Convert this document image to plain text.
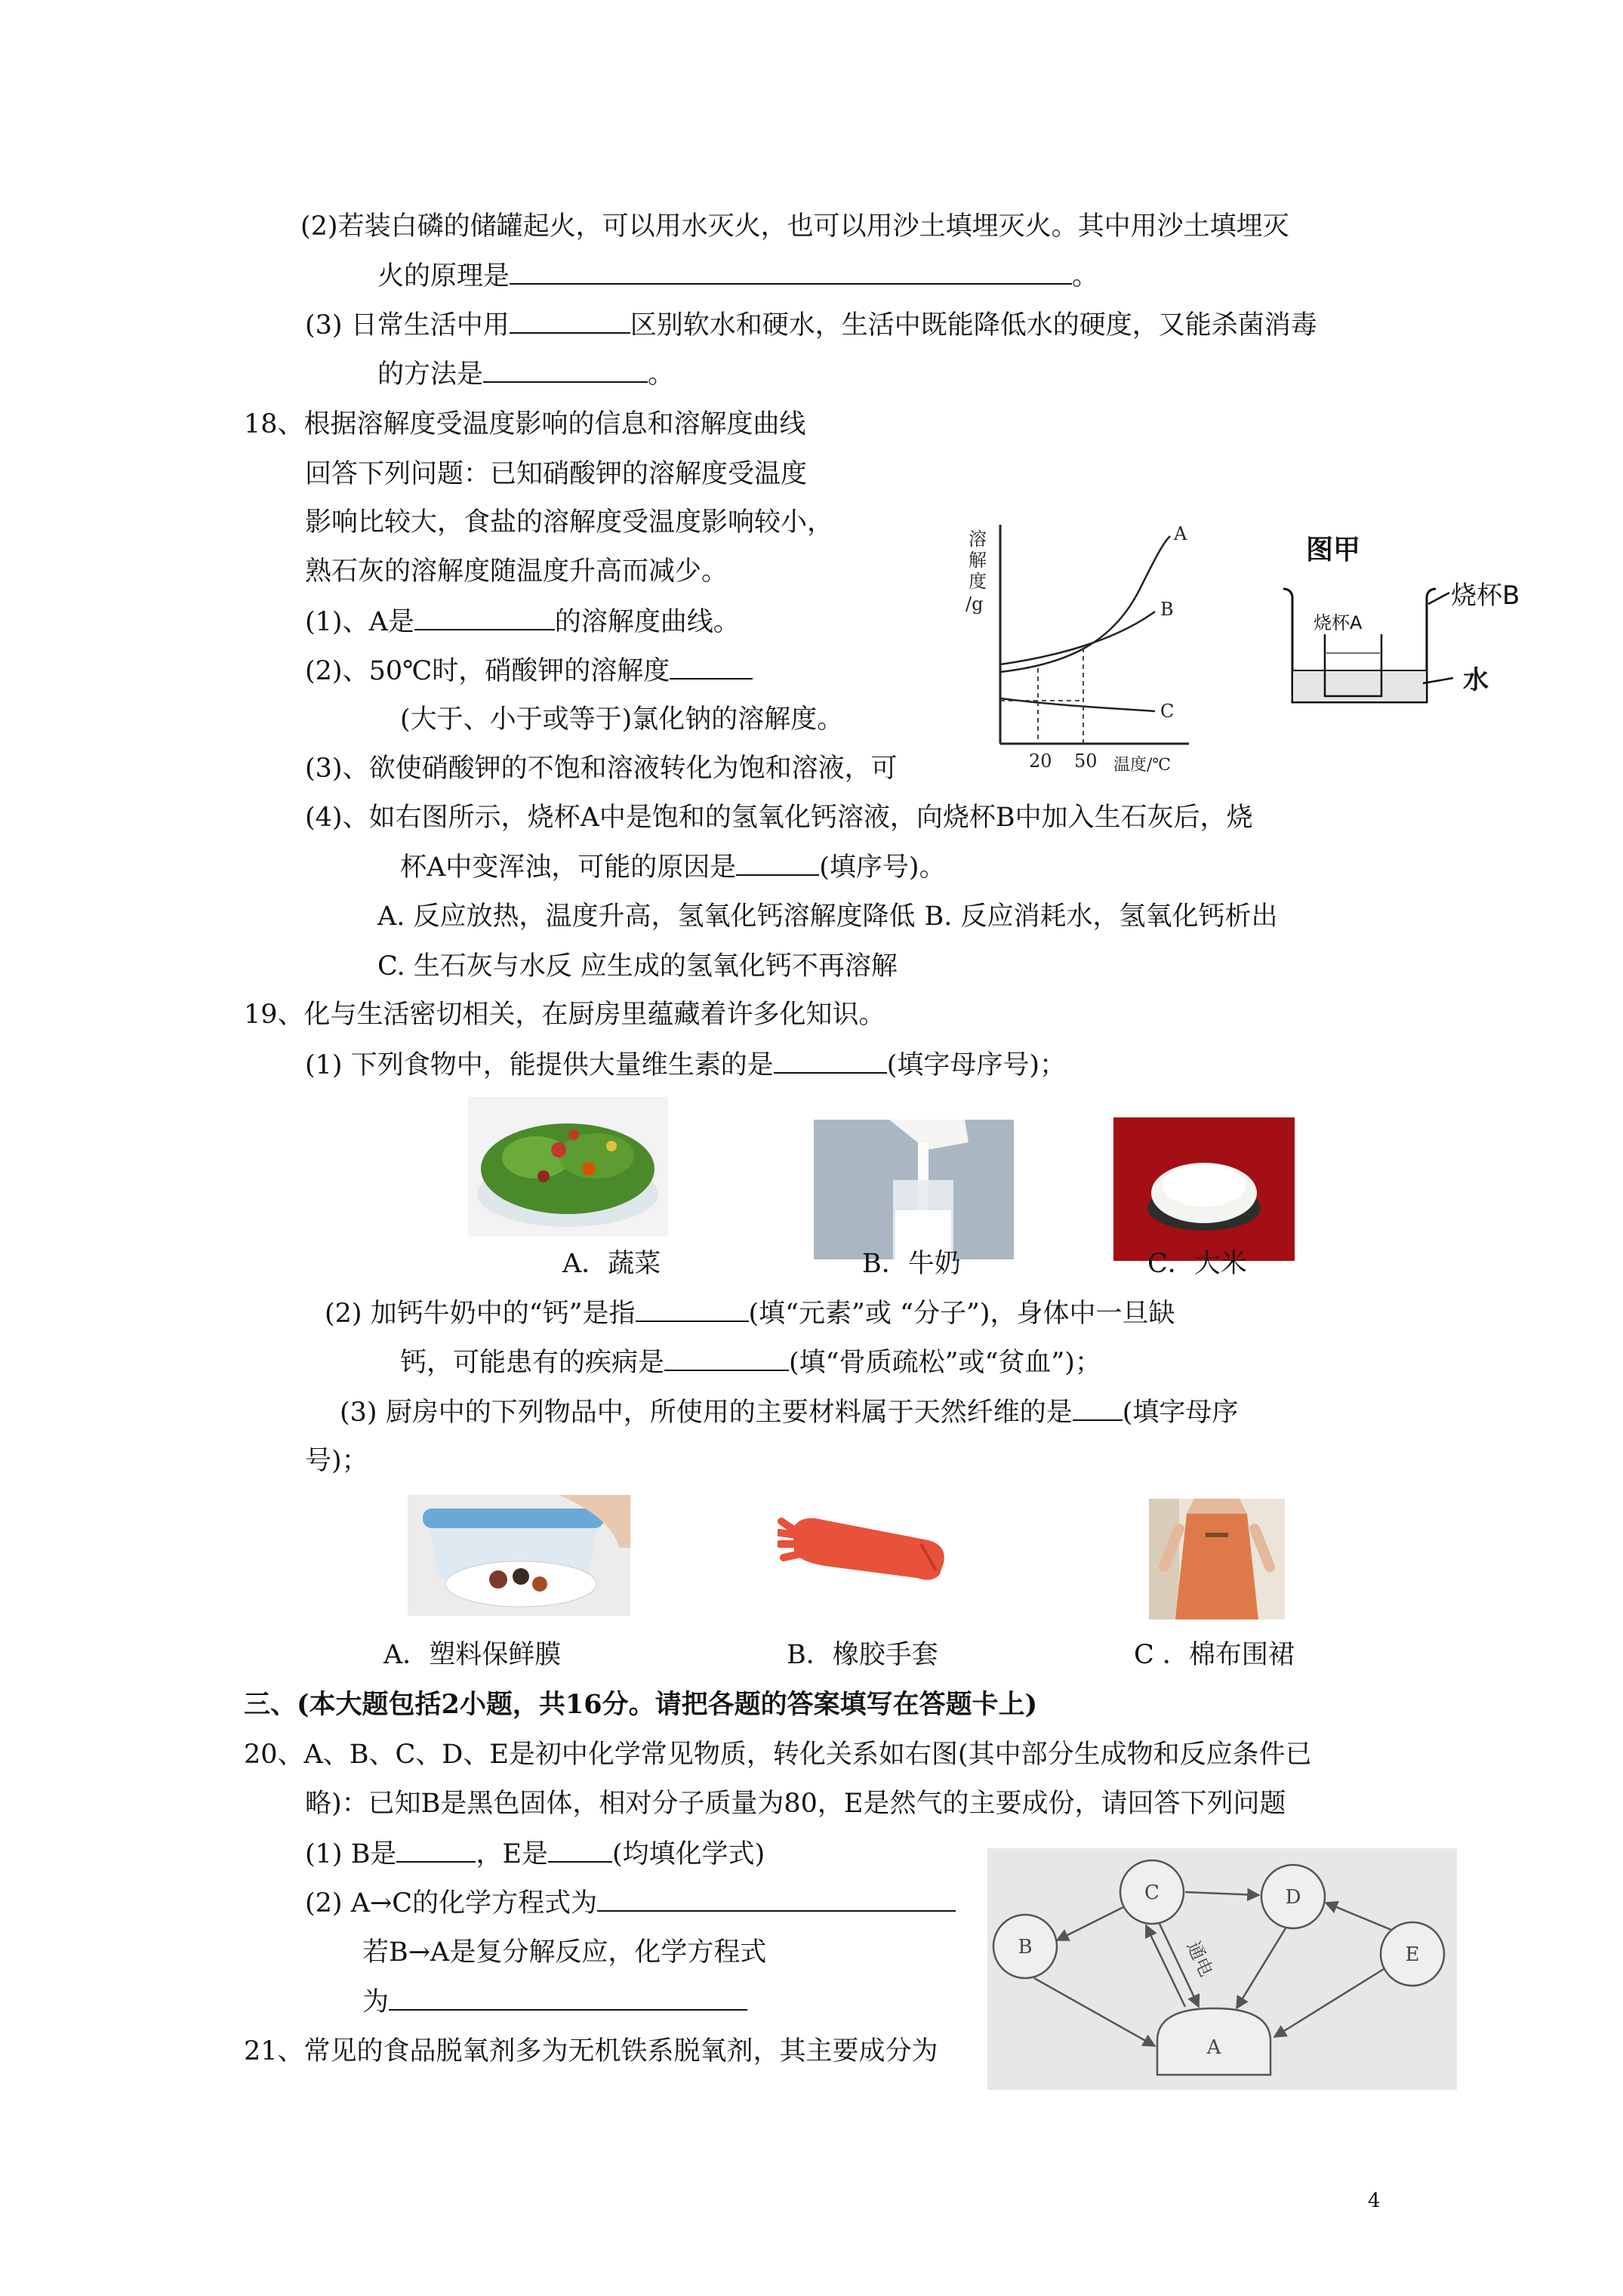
(2)若装白磷的储罐起火，可以用水灭火，也可以用沙土填埋灭火。其中用沙土填埋灭
火的原理是	。
(3) 日常生活中用	区别软水和硬水，生活中既能降低水的硬度，又能杀菌消毒
的方法是	。
18、根据溶解度受温度影响的信息和溶解度曲线
回答下列问题：已知硝酸钾的溶解度受温度
影响比较大，食盐的溶解度受温度影响较小，
熟石灰的溶解度随温度升高而减少。
(1)、A是	的溶解度曲线。
(2)、50℃时，硝酸钾的溶解度
(大于、小于或等于)氯化钠的溶解度。
(3)、欲使硝酸钾的不饱和溶液转化为饱和溶液，可
(4)、如右图所示，烧杯A中是饱和的氢氧化钙溶液，向烧杯B中加入生石灰后，烧
杯A中变浑浊，可能的原因是	(填序号)。
A. 反应放热，温度升高，氢氧化钙溶解度降低 B. 反应消耗水，氢氧化钙析出
C. 生石灰与水反 应生成的氢氧化钙不再溶解
溶
解
度
/g
A
B
C
20 50 温度/℃
图甲
烧杯A
烧杯B
水
19、化与生活密切相关，在厨房里蕴藏着许多化知识。
(1) 下列食物中，能提供大量维生素的是	(填字母序号)；
A．蔬菜	B．牛奶	C．大米
(2) 加钙牛奶中的“钙”是指	(填“元素”或 “分子”)，身体中一旦缺
钙，可能患有的疾病是	(填“骨质疏松”或“贫血”)；
(3) 厨房中的下列物品中，所使用的主要材料属于天然纤维的是 (填字母序
号)；
A．塑料保鲜膜	B．橡胶手套	C ．棉布围裙
三、(本大题包括2小题，共16分。请把各题的答案填写在答题卡上)
20、A、B、C、D、E是初中化学常见物质，转化关系如右图(其中部分生成物和反应条件已
略)：已知B是黑色固体，相对分子质量为80，E是然气的主要成份，请回答下列问题
(1) B是	，E是 (均填化学式)
(2) A→C的化学方程式为
若B→A是复分解反应，化学方程式
为
C	D
B	E
A
通电
21、常见的食品脱氧剂多为无机铁系脱氧剂，其主要成分为
4
